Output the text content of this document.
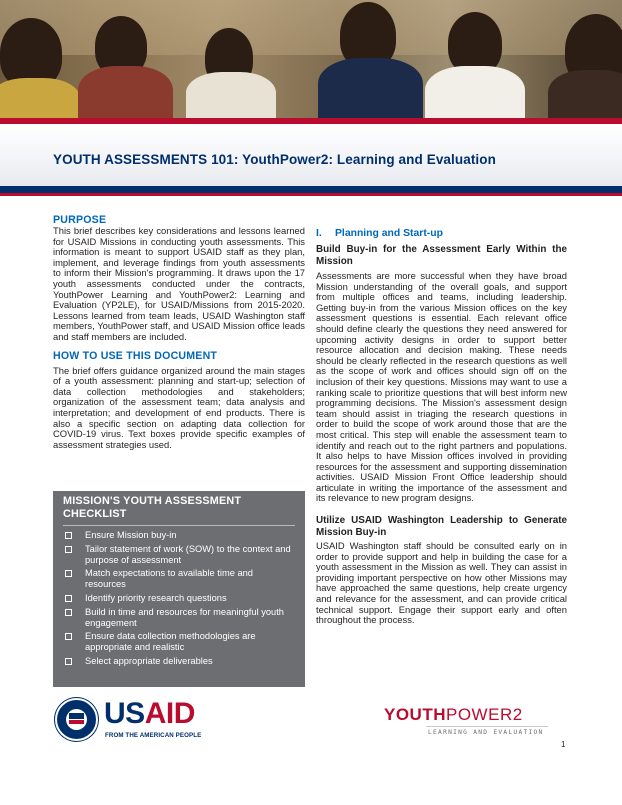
YOUTH ASSESSMENTS 101: YouthPower2: Learning and Evaluation
PURPOSE

This brief describes key considerations and lessons learned for USAID Missions in conducting youth assessments. This information is meant to support USAID staff as they plan, implement, and leverage findings from youth assessments to inform their Mission's programming. It draws upon the 17 youth assessments conducted under the contracts, YouthPower Learning and YouthPower2: Learning and Evaluation (YP2LE), for USAID/Missions from 2015-2020. Lessons learned from team leads, USAID Washington staff members, YouthPower staff, and USAID Mission office leads and staff members are included.

HOW TO USE THIS DOCUMENT

The brief offers guidance organized around the main stages of a youth assessment: planning and start-up; selection of data collection methodologies and stakeholders; organization of the assessment team; data analysis and interpretation; and development of end products. There is also a specific section on adapting data collection for COVID-19 virus. Text boxes provide specific examples of assessment strategies used.

MISSION'S YOUTH ASSESSMENT CHECKLIST
Ensure Mission buy-in
Tailor statement of work (SOW) to the context and purpose of assessment
Match expectations to available time and resources
Identify priority research questions
Build in time and resources for meaningful youth engagement
Ensure data collection methodologies are appropriate and realistic
Select appropriate deliverables
I. Planning and Start-up
Build Buy-in for the Assessment Early Within the Mission

Assessments are more successful when they have broad Mission understanding of the overall goals, and support from multiple offices and teams, including leadership. Getting buy-in from the various Mission offices on the key assessment questions is essential. Each relevant office should define clearly the questions they need answered for upcoming activity designs in order to support better resource allocation and decision making. These needs should be clearly reflected in the research questions as well as the scope of work and offices should sign off on the inclusion of their key questions. Missions may want to use a ranking scale to prioritize questions that will best inform new programming decisions. The Mission's assessment design team should assist in triaging the research questions in order to build the scope of work around those that are the most critical. This step will enable the assessment team to identify and reach out to the right partners and populations. It also helps to have Mission offices involved in providing resources for the assessment and supporting dissemination activities. USAID Mission Front Office leadership should articulate in writing the importance of the assessment and its relevance to new program designs.

Utilize USAID Washington Leadership to Generate Mission Buy-in

USAID Washington staff should be consulted early on in order to provide support and help in building the case for a youth assessment in the Mission as well. They can assist in providing important perspective on how other Missions may have approached the same questions, help create urgency and relevance for the assessment, and can provide critical technical support. Engage their support early and often throughout the process.

USAID
FROM THE AMERICAN PEOPLE
YOUTHPOWER2
LEARNING AND EVALUATION
1
